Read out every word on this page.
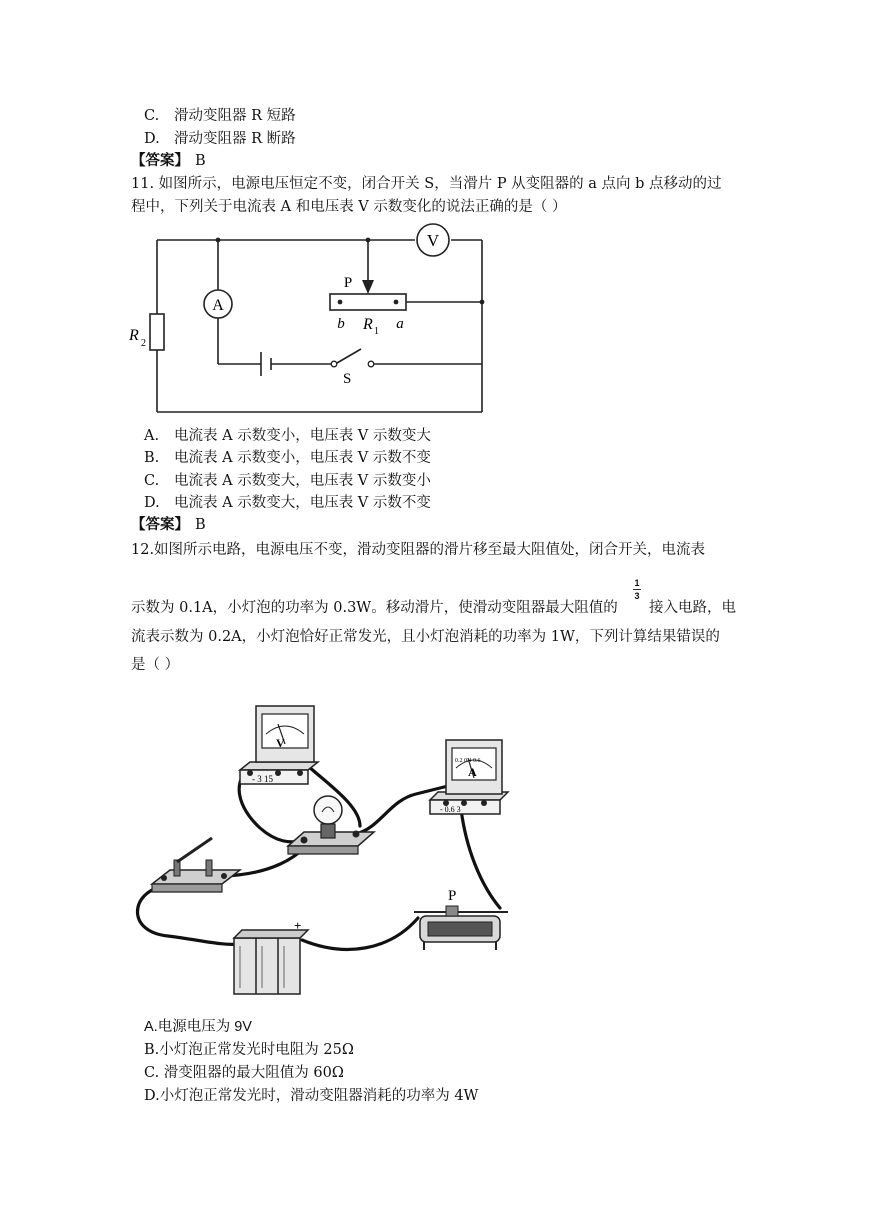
C. 滑动变阻器 R 短路
D. 滑动变阻器 R 断路
【答案】 B
11. 如图所示，电源电压恒定不变，闭合开关 S，当滑片 P 从变阻器的 a 点向 b 点移动的过
程中，下列关于电流表 A 和电压表 V 示数变化的说法正确的是（ ）
V
A
P
b R 1 a
R 2
S
A. 电流表 A 示数变小，电压表 V 示数变大
B. 电流表 A 示数变小，电压表 V 示数不变
C. 电流表 A 示数变大，电压表 V 示数变小
D. 电流表 A 示数变大，电压表 V 示数不变
【答案】 B
12.如图所示电路，电源电压不变，滑动变阻器的滑片移至最大阻值处，闭合开关，电流表
示数为 0.1A，小灯泡的功率为 0.3W。移动滑片，使滑动变阻器最大阻值的
1
3
接入电路，电
流表示数为 0.2A，小灯泡恰好正常发光，且小灯泡消耗的功率为 1W，下列计算结果错误的
是（ ）
V
- 3 15
0.2 0.4 0.6
A
- 0.6 3
+
P
A.电源电压为 9V
B.小灯泡正常发光时电阻为 25Ω
C. 滑变阻器的最大阻值为 60Ω
D.小灯泡正常发光时，滑动变阻器消耗的功率为 4W
